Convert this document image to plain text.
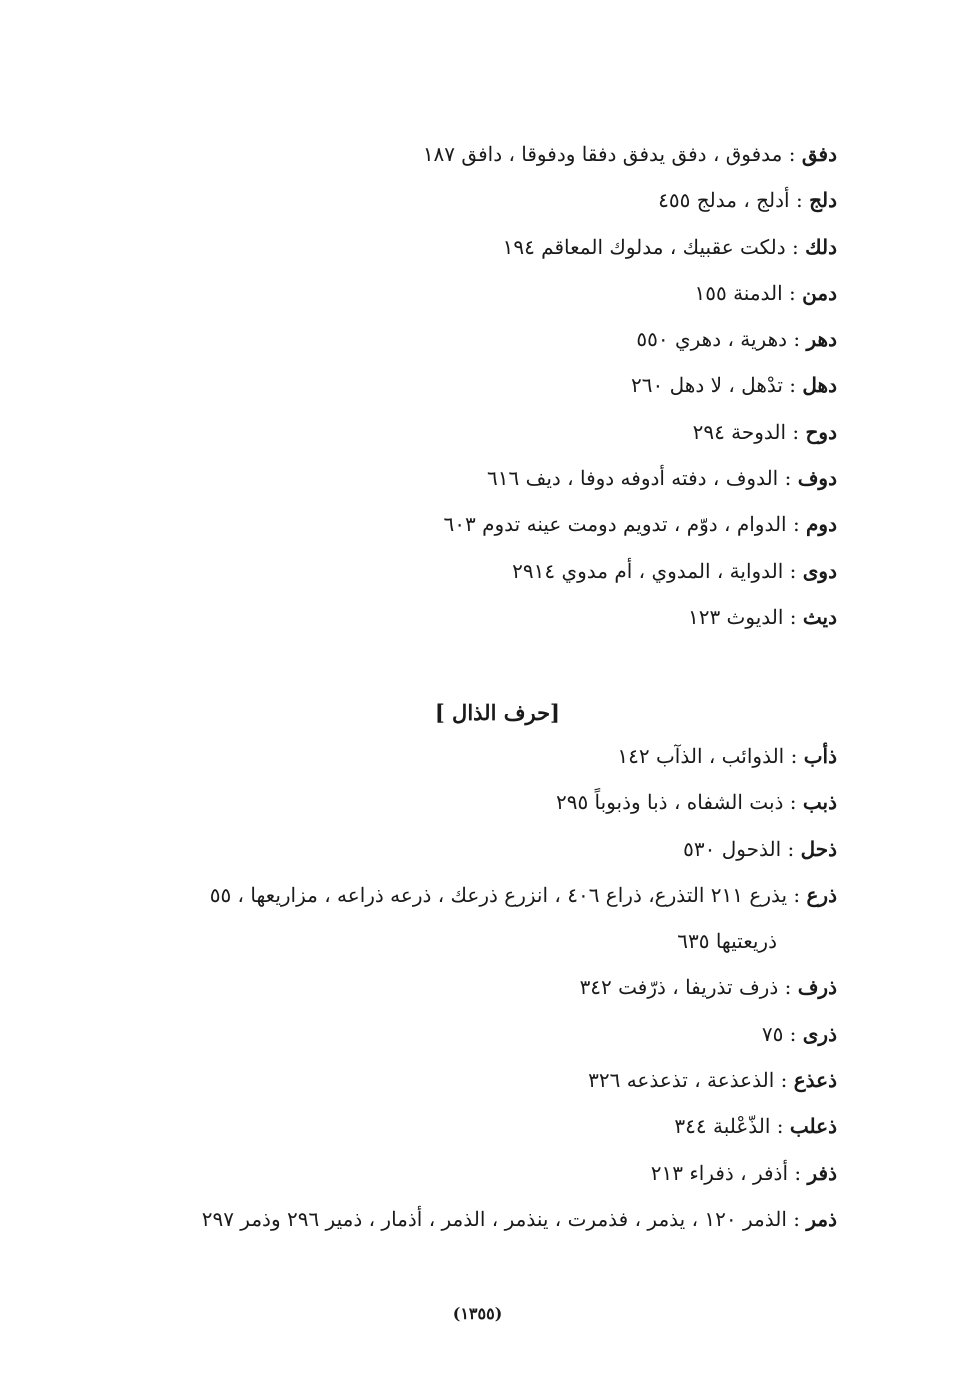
دفق : مدفوق ، دفق يدفق دفقا ودفوقا ، دافق ١٨٧
دلج : أدلج ، مدلج ٤٥٥
دلك : دلكت عقبيك ، مدلوك المعاقم ١٩٤
دمن : الدمنة ١٥٥
دهر : دهرية ، دهري ٥٥٠
دهل : تدْهل ، لا دهل ٢٦٠
دوح : الدوحة ٢٩٤
دوف : الدوف ، دفته أدوفه دوفا ، ديف ٦١٦
دوم : الدوام ، دوّم ، تدويم دومت عينه تدوم ٦٠٣
دوى : الدواية ، المدوي ، أم مدوي ٢٩١٤
ديث : الديوث ١٢٣
[حرف الذال ]
ذأب : الذوائب ، الذآب ١٤٢
ذبب : ذبت الشفاه ، ذبا وذبوباً ٢٩٥
ذحل : الذحول ٥٣٠
ذرع : يذرع ٢١١ التذرع، ذراع ٤٠٦ ، انزرع ذرعك ، ذرعه ذراعه ، مزاريعها ، ٥٥
ذريعتيها ٦٣٥
ذرف : ذرف تذريفا ، ذرّفت ٣٤٢
ذرى : ٧٥
ذعذع : الذعذعة ، تذعذعه ٣٢٦
ذعلب : الذّعْلبة ٣٤٤
ذفر : أذفر ، ذفراء ٢١٣
ذمر : الذمر ١٢٠ ، يذمر ، فذمرت ، ينذمر ، الذمر ، أذمار ، ذمير ٢٩٦ وذمر ٢٩٧
(١٣٥٥)
